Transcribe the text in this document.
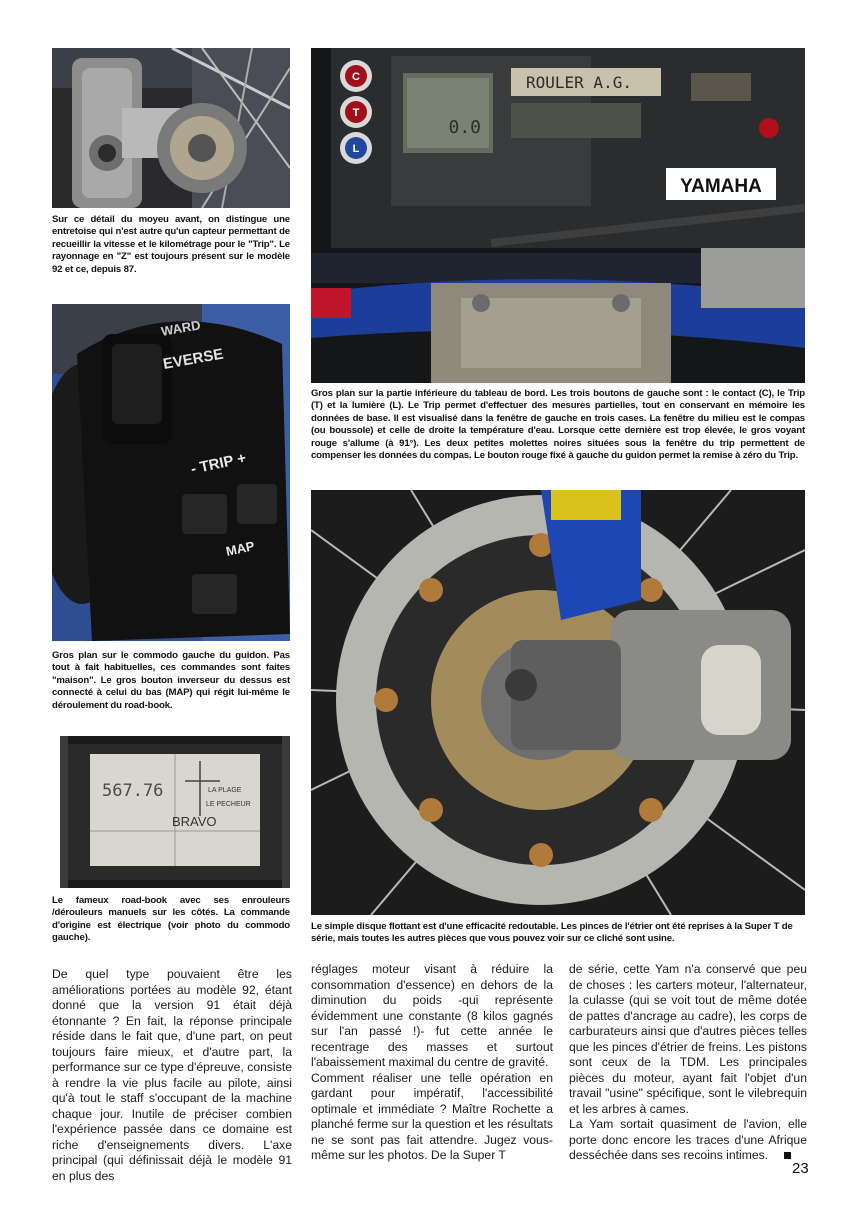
Sur ce détail du moyeu avant, on distingue une entretoise qui n'est autre qu'un capteur permettant de recueillir la vitesse et le kilométrage pour le "Trip". Le rayonnage en "Z" est toujours présent sur le modèle 92 et ce, depuis 87.

C
T
L
ROULER A.G.
0.0
YAMAHA

Gros plan sur la partie inférieure du tableau de bord. Les trois boutons de gauche sont : le contact (C), le Trip (T) et la lumière (L). Le Trip permet d'effectuer des mesures partielles, tout en conservant en mémoire les données de base. Il est visualisé dans la fenêtre de gauche en trois cases. La fenêtre du milieu est le compas (ou boussole) et celle de droite la température d'eau. Lorsque cette dernière est trop élevée, le gros voyant rouge s'allume (à 91°). Les deux petites molettes noires situées sous la fenêtre du trip permettent de compenser les données du compas. Le bouton rouge fixé à gauche du guidon permet la remise à zéro du Trip.

WARD
EVERSE
- TRIP +
MAP

Gros plan sur le commodo gauche du guidon. Pas tout à fait habituelles, ces commandes sont faites "maison". Le gros bouton inverseur du dessus est connecté à celui du bas (MAP) qui régit lui-même le déroulement du road-book.

567.76	LA PLAGE
LE PECHEUR
BRAVO

Le fameux road-book avec ses enrouleurs /dérouleurs manuels sur les côtés. La commande d'origine est électrique (voir photo du commodo gauche).

Le simple disque flottant est d'une efficacité redoutable. Les pinces de l'étrier ont été reprises à la Super T de série, mais toutes les autres pièces que vous pouvez voir sur ce cliché sont usine.

De quel type pouvaient être les améliorations portées au modèle 92, étant donné que la version 91 était déjà étonnante ? En fait, la réponse principale réside dans le fait que, d'une part, on peut toujours faire mieux, et d'autre part, la performance sur ce type d'épreuve, consiste à rendre la vie plus facile au pilote, ainsi qu'à tout le staff s'occupant de la machine chaque jour. Inutile de préciser combien l'expérience passée dans ce domaine est riche d'enseignements divers. L'axe principal (qui définissait déjà le modèle 91 en plus des

réglages moteur visant à réduire la consommation d'essence) en dehors de la diminution du poids -qui représente évidemment une constante (8 kilos gagnés sur l'an passé !)- fut cette année le recentrage des masses et surtout l'abaissement maximal du centre de gravité.

Comment réaliser une telle opération en gardant pour impératif, l'accessibilité optimale et immédiate ? Maître Rochette a planché ferme sur la question et les résultats ne se sont pas fait attendre. Jugez vous-même sur les photos. De la Super T

de série, cette Yam n'a conservé que peu de choses : les carters moteur, l'alternateur, la culasse (qui se voit tout de même dotée de pattes d'ancrage au cadre), les corps de carburateurs ainsi que d'autres pièces telles que les pinces d'étrier de freins. Les pistons sont ceux de la TDM. Les principales pièces du moteur, ayant fait l'objet d'un travail "usine" spécifique, sont le vilebrequin et les arbres à cames.

La Yam sortait quasiment de l'avion, elle porte donc encore les traces d'une Afrique desséchée dans ses recoins intimes.

23
